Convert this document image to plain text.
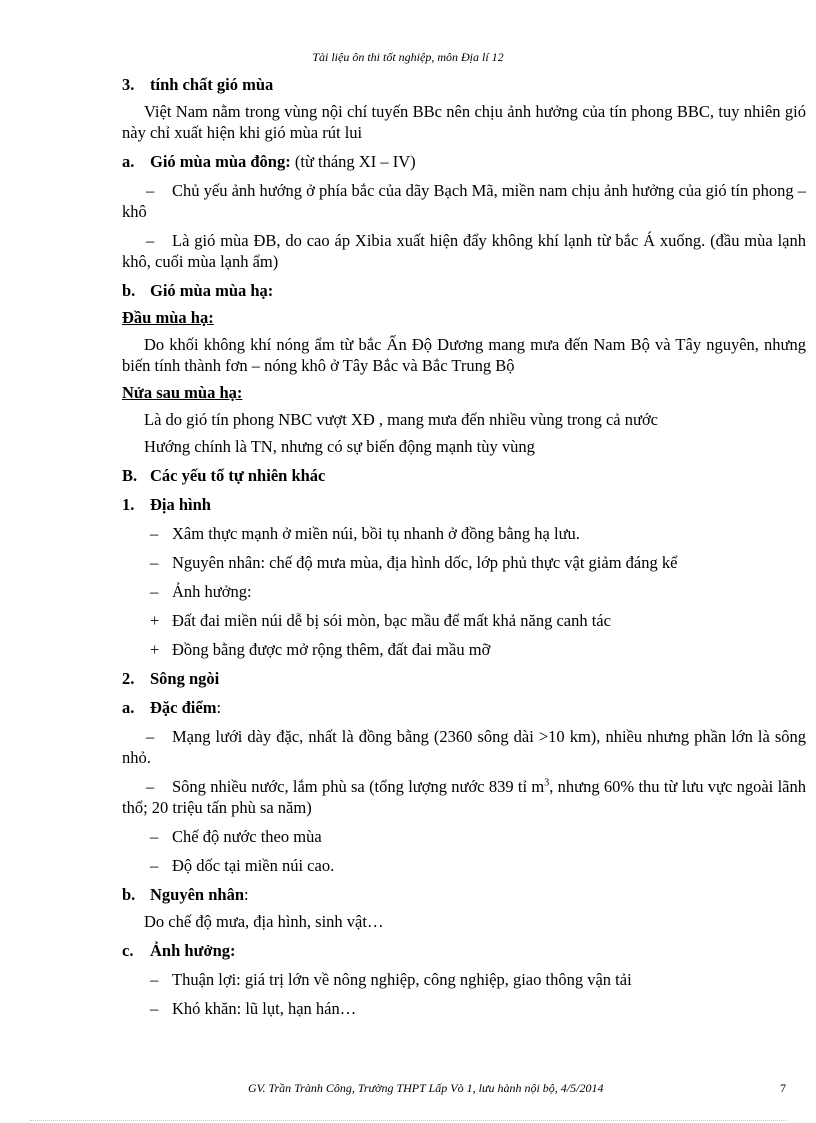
Tài liệu ôn thi tốt nghiệp, môn Địa lí 12

3. tính chất gió mùa

Việt Nam nằm trong vùng nội chí tuyến BBc nên chịu ảnh hưởng của tín phong BBC, tuy nhiên gió này chỉ xuất hiện khi gió mùa rút lui

a. Gió mùa mùa đông: (từ tháng XI – IV)

– Chủ yếu ảnh hướng ở phía bắc của dãy Bạch Mã, miền nam chịu ảnh hưởng của gió tín phong – khô

– Là gió mùa ĐB, do cao áp Xibia xuất hiện đẩy không khí lạnh từ bắc Á xuống. (đầu mùa lạnh khô, cuối mùa lạnh ẩm)

b. Gió mùa mùa hạ:

Đầu mùa hạ:

Do khối không khí nóng ẩm từ bắc Ấn Độ Dương mang mưa đến Nam Bộ và Tây nguyên, nhưng biến tính thành fơn – nóng khô ở Tây Bắc và Bắc Trung Bộ

Nửa sau mùa hạ:

Là do gió tín phong NBC vượt XĐ , mang mưa đến nhiều vùng trong cả nước

Hướng chính là TN, nhưng có sự biến động mạnh tùy vùng

B. Các yếu tố tự nhiên khác

1. Địa hình

– Xâm thực mạnh ở miền núi, bồi tụ nhanh ở đồng bằng hạ lưu.

– Nguyên nhân: chế độ mưa mùa, địa hình dốc, lớp phủ thực vật giảm đáng kể

– Ảnh hưởng:

+ Đất đai miền núi dễ bị sói mòn, bạc mầu để mất khả năng canh tác

+ Đồng bằng được mở rộng thêm, đất đai mầu mỡ

2. Sông ngòi

a. Đặc điểm:

– Mạng lưới dày đặc, nhất là đồng bằng (2360 sông dài >10 km), nhiều nhưng phần lớn là sông nhỏ.

– Sông nhiều nước, lắm phù sa (tổng lượng nước 839 tỉ $m^3$, nhưng 60% thu từ lưu vực ngoài lãnh thổ; 20 triệu tấn phù sa năm)

– Chế độ nước theo mùa

– Độ dốc tại miền núi cao.

b. Nguyên nhân:

Do chế độ mưa, địa hình, sinh vật…

c. Ảnh hưởng:

– Thuận lợi: giá trị lớn về nông nghiệp, công nghiệp, giao thông vận tải

– Khó khăn: lũ lụt, hạn hán…

GV. Trần Trành Công, Trường THPT Lấp Vò 1, lưu hành nội bộ, 4/5/2014	7
